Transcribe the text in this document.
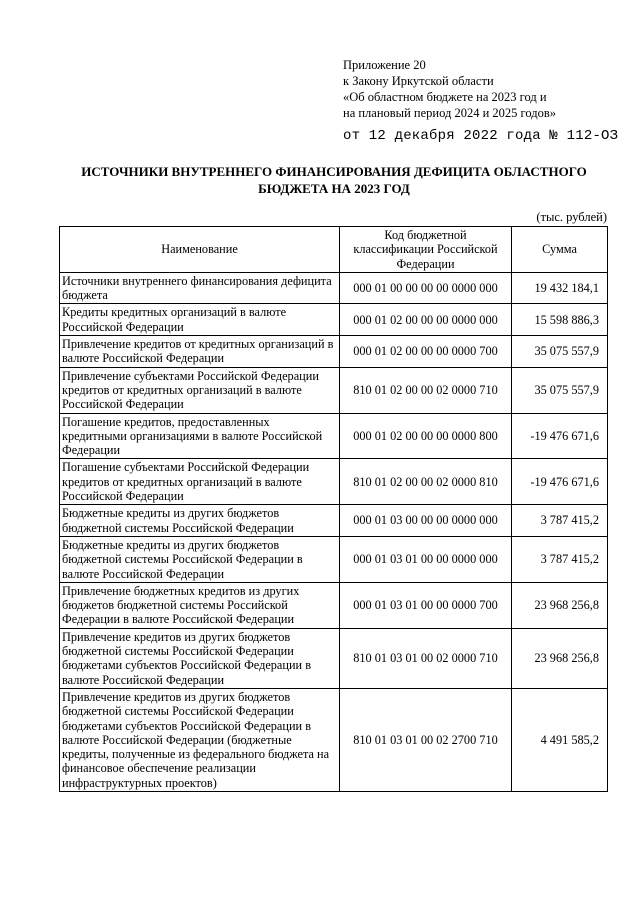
Приложение 20
к Закону Иркутской области
«Об областном бюджете на 2023 год и
на плановый период 2024 и 2025 годов»
от 12 декабря 2022 года № 112-ОЗ
ИСТОЧНИКИ ВНУТРЕННЕГО ФИНАНСИРОВАНИЯ ДЕФИЦИТА ОБЛАСТНОГО БЮДЖЕТА НА 2023 ГОД
(тыс. рублей)
Наименование	Код бюджетной классификации Российской Федерации	Сумма
Источники внутреннего финансирования дефицита бюджета	000 01 00 00 00 00 0000 000	19 432 184,1
Кредиты кредитных организаций в валюте Российской Федерации	000 01 02 00 00 00 0000 000	15 598 886,3
Привлечение кредитов от кредитных организаций в валюте Российской Федерации	000 01 02 00 00 00 0000 700	35 075 557,9
Привлечение субъектами Российской Федерации кредитов от кредитных организаций в валюте Российской Федерации	810 01 02 00 00 02 0000 710	35 075 557,9
Погашение кредитов, предоставленных кредитными организациями в валюте Российской Федерации	000 01 02 00 00 00 0000 800	-19 476 671,6
Погашение субъектами Российской Федерации кредитов от кредитных организаций в валюте Российской Федерации	810 01 02 00 00 02 0000 810	-19 476 671,6
Бюджетные кредиты из других бюджетов бюджетной системы Российской Федерации	000 01 03 00 00 00 0000 000	3 787 415,2
Бюджетные кредиты из других бюджетов бюджетной системы Российской Федерации в валюте Российской Федерации	000 01 03 01 00 00 0000 000	3 787 415,2
Привлечение бюджетных кредитов из других бюджетов бюджетной системы Российской Федерации в валюте Российской Федерации	000 01 03 01 00 00 0000 700	23 968 256,8
Привлечение кредитов из других бюджетов бюджетной системы Российской Федерации бюджетами субъектов Российской Федерации в валюте Российской Федерации	810 01 03 01 00 02 0000 710	23 968 256,8
Привлечение кредитов из других бюджетов бюджетной системы Российской Федерации бюджетами субъектов Российской Федерации в валюте Российской Федерации (бюджетные кредиты, полученные из федерального бюджета на финансовое обеспечение реализации инфраструктурных проектов)	810 01 03 01 00 02 2700 710	4 491 585,2
